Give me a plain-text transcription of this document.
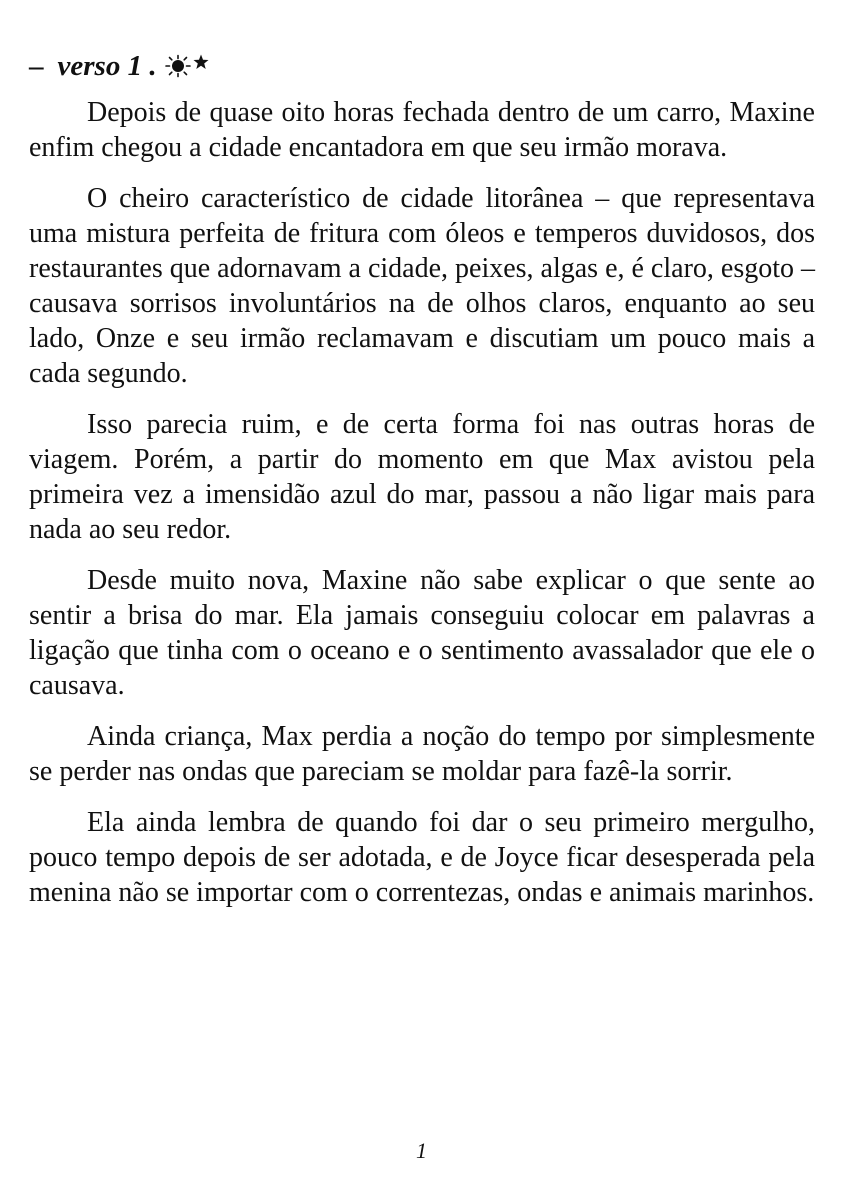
– verso 1 .

Depois de quase oito horas fechada dentro de um carro, Maxine enfim chegou a cidade encantadora em que seu irmão morava.

O cheiro característico de cidade litorânea – que representava uma mistura perfeita de fritura com óleos e temperos duvidosos, dos restaurantes que adornavam a cidade, peixes, algas e, é claro, esgoto – causava sorrisos involuntários na de olhos claros, enquanto ao seu lado, Onze e seu irmão reclamavam e discutiam um pouco mais a cada segundo.

Isso parecia ruim, e de certa forma foi nas outras horas de viagem. Porém, a partir do momento em que Max avistou pela primeira vez a imensidão azul do mar, passou a não ligar mais para nada ao seu redor.

Desde muito nova, Maxine não sabe explicar o que sente ao sentir a brisa do mar. Ela jamais conseguiu colocar em palavras a ligação que tinha com o oceano e o sentimento avassalador que ele o causava.

Ainda criança, Max perdia a noção do tempo por simplesmente se perder nas ondas que pareciam se moldar para fazê-la sorrir.

Ela ainda lembra de quando foi dar o seu primeiro mergulho, pouco tempo depois de ser adotada, e de Joyce ficar desesperada pela menina não se importar com o correntezas, ondas e animais marinhos.

1
